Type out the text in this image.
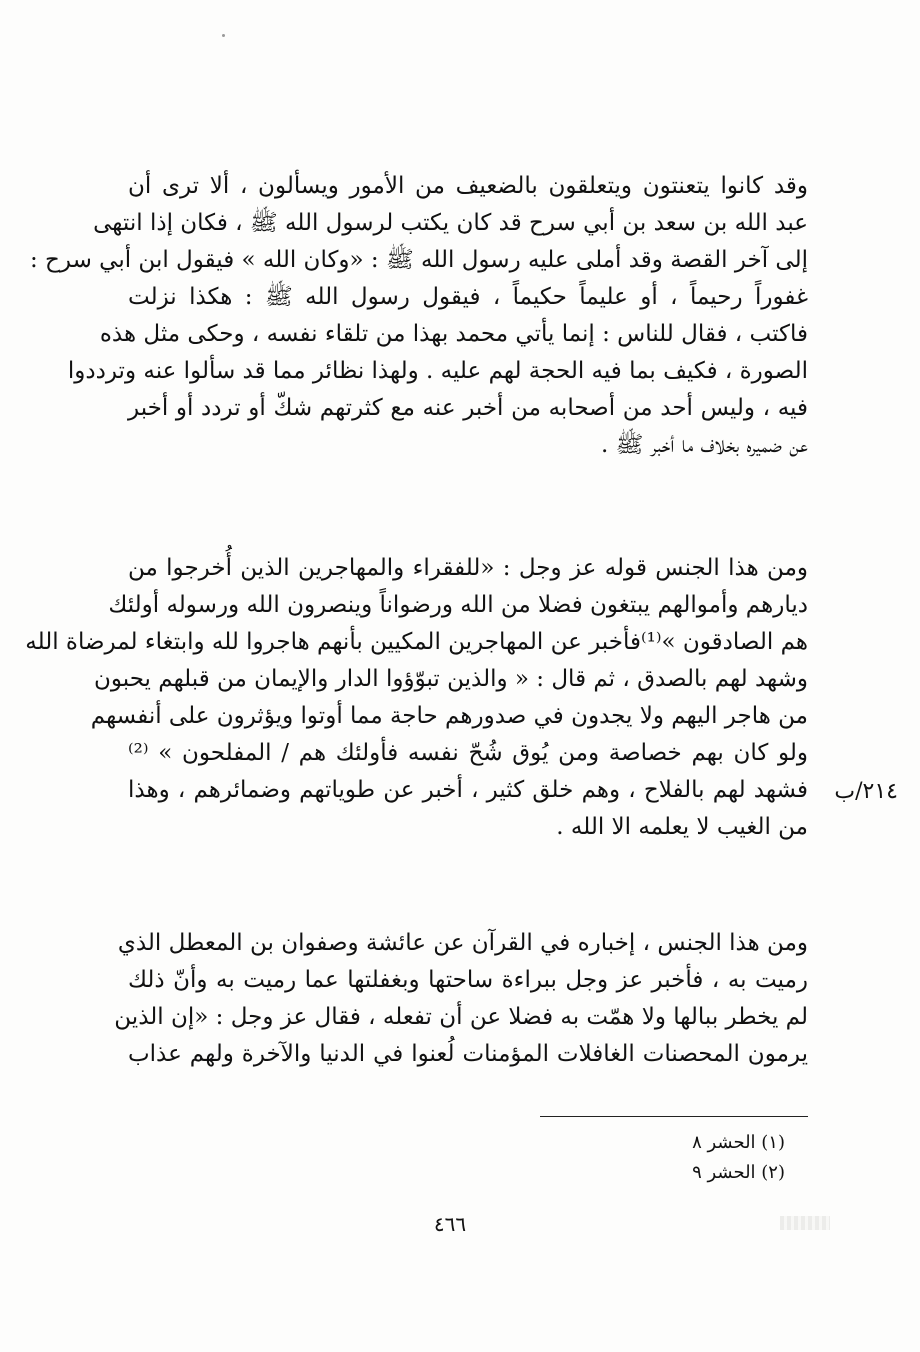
وقد كانوا يتعنتون ويتعلقون بالضعيف من الأمور ويسألون ، ألا ترى أن
عبد الله بن سعد بن أبي سرح قد كان يكتب لرسول الله ﷺ ، فكان إذا انتهى
إلى آخر القصة وقد أملى عليه رسول الله ﷺ : «وكان الله » فيقول ابن أبي سرح :
غفوراً رحيماً ، أو عليماً حكيماً ، فيقول رسول الله ﷺ : هكذا نزلت
فاكتب ، فقال للناس : إنما يأتي محمد بهذا من تلقاء نفسه ، وحكى مثل هذه
الصورة ، فكيف بما فيه الحجة لهم عليه . ولهذا نظائر مما قد سألوا عنه وترددوا
فيه ، وليس أحد من أصحابه من أخبر عنه مع كثرتهم شكّ أو تردد أو أخبر
عن ضميره بخلاف ما أخبر ﷺ .
ومن هذا الجنس قوله عز وجل : «للفقراء والمهاجرين الذين أُخرجوا من
ديارهم وأموالهم يبتغون فضلا من الله ورضواناً وينصرون الله ورسوله أولئك
هم الصادقون »⁽¹⁾فأخبر عن المهاجرين المكيين بأنهم هاجروا لله وابتغاء لمرضاة الله
وشهد لهم بالصدق ، ثم قال : « والذين تبوّؤوا الدار والإيمان من قبلهم يحبون
من هاجر اليهم ولا يجدون في صدورهم حاجة مما أوتوا ويؤثرون على أنفسهم
ولو كان بهم خصاصة ومن يُوق شُحّ نفسه فأولئك هم / المفلحون » ⁽²⁾
فشهد لهم بالفلاح ، وهم خلق كثير ، أخبر عن طوياتهم وضمائرهم ، وهذا
من الغيب لا يعلمه الا الله .
٢١٤/ب
ومن هذا الجنس ، إخباره في القرآن عن عائشة وصفوان بن المعطل الذي
رميت به ، فأخبر عز وجل ببراءة ساحتها وبغفلتها عما رميت به وأنّ ذلك
لم يخطر ببالها ولا همّت به فضلا عن أن تفعله ، فقال عز وجل : «إن الذين
يرمون المحصنات الغافلات المؤمنات لُعنوا في الدنيا والآخرة ولهم عذاب
(١) الحشر ٨
(٢) الحشر ٩
٤٦٦
